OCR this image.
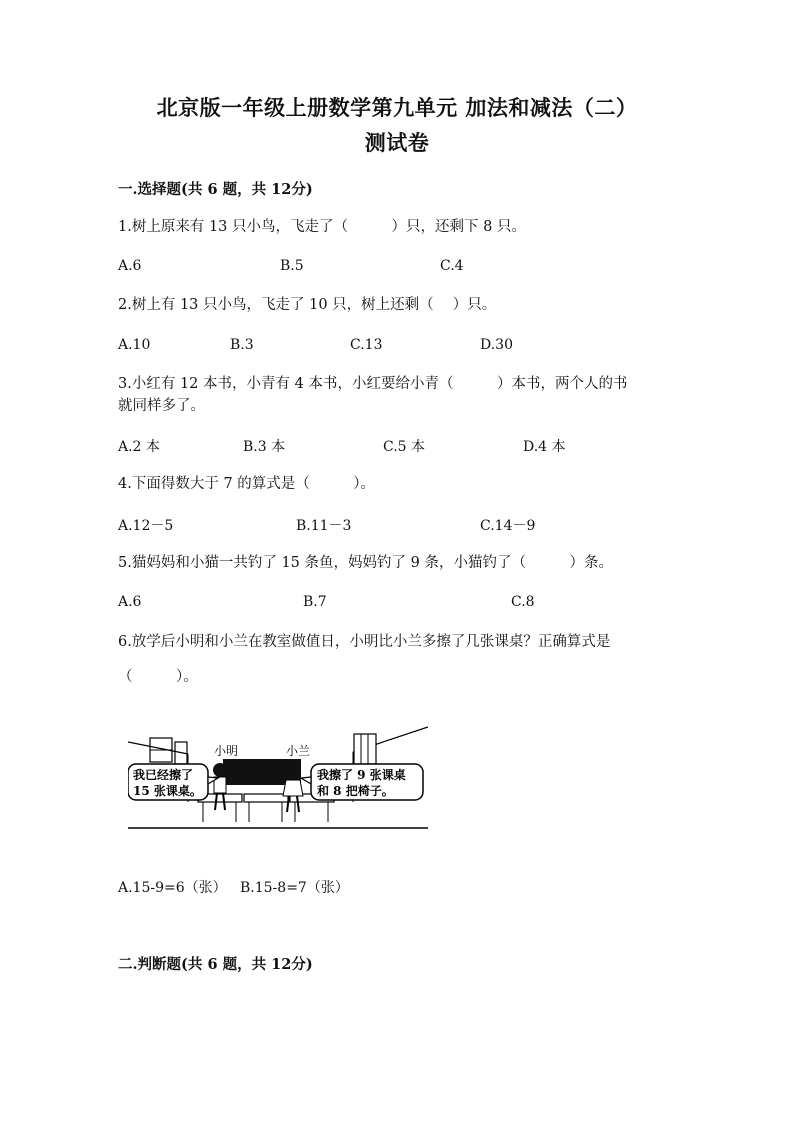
北京版一年级上册数学第九单元 加法和减法（二）
测试卷
一.选择题(共 6 题，共 12分)
1.树上原来有 13 只小鸟，飞走了（　　　）只，还剩下 8 只。
A.6	B.5	C.4
2.树上有 13 只小鸟，飞走了 10 只，树上还剩（　 ）只。
A.10	B.3	C.13	D.30
3.小红有 12 本书，小青有 4 本书，小红要给小青（　　　）本书，两个人的书
就同样多了。
A.2 本	B.3 本	C.5 本	D.4 本
4.下面得数大于 7 的算式是（　　　）。
A.12－5	B.11－3	C.14－9
5.猫妈妈和小猫一共钓了 15 条鱼，妈妈钓了 9 条，小猫钓了（　　　）条。
A.6	B.7	C.8
6.放学后小明和小兰在教室做值日，小明比小兰多擦了几张课桌？正确算式是
（　　　）。
小明	小兰
我已经擦了
15 张课桌。
我擦了 9 张课桌
和 8 把椅子。
A.15-9=6（张） B.15-8=7（张）
二.判断题(共 6 题，共 12分)
